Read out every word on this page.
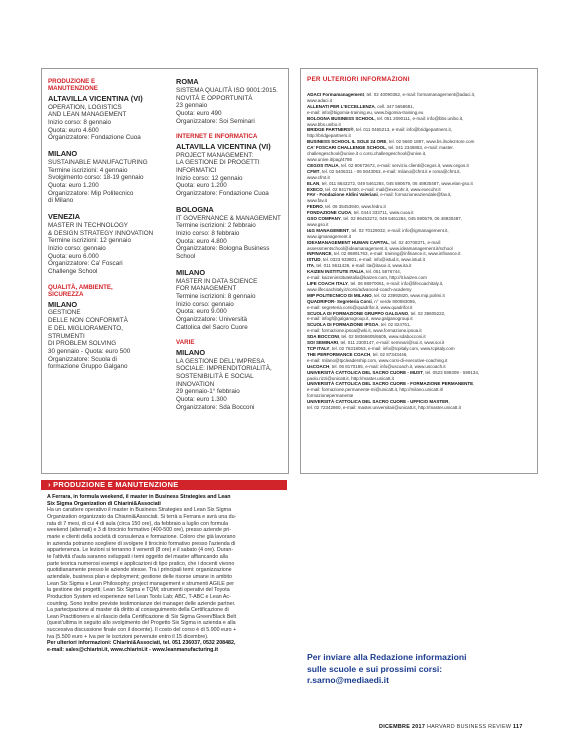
PRODUZIONE E MANUTENZIONE
ALTAVILLA VICENTINA (VI)
OPERATION, LOGISTICS
AND LEAN MANAGEMENT
Inizio corso: 8 gennaio
Quota: euro 4.600
Organizzatore: Fondazione Cuoa
MILANO
SUSTAINABLE MANUFACTURING
Termine iscrizioni: 4 gennaio
Svolgimento corso: 18-19 gennaio
Quota: euro 1.200
Organizzatore: Mip Politecnico
di Milano
VENEZIA
MASTER IN TECHNOLOGY
& DESIGN STRATEGY INNOVATION
Termine iscrizioni: 12 gennaio
Inizio corso: gennaio
Quota: euro 6.000
Organizzatore: Ca' Foscari
Challenge School
QUALITÀ, AMBIENTE, SICUREZZA
MILANO
GESTIONE
DELLE NON CONFORMITÀ
E DEL MIGLIORAMENTO,
STRUMENTI
DI PROBLEM SOLVING
30 gennaio - Quota: euro 500
Organizzatore: Scuola di
formazione Gruppo Galgano
ROMA
SISTEMA QUALITÀ ISO 9001:2015.
NOVITÀ E OPPORTUNITÀ
23 gennaio
Quota: euro 490
Organizzatore: Soi Seminari
INTERNET E INFORMATICA
ALTAVILLA VICENTINA (VI)
PROJECT MANAGEMENT:
LA GESTIONE DI PROGETTI
INFORMATICI
Inizio corso: 12 gennaio
Quota: euro 1.200
Organizzatore: Fondazione Cuoa
BOLOGNA
IT GOVERNANCE & MANAGEMENT
Termine iscrizioni: 2 febbraio
Inizio corso: 8 febbraio
Quota: euro 4.800
Organizzatore: Bologna Business
School
MILANO
MASTER IN DATA SCIENCE
FOR MANAGEMENT
Termine iscrizioni: 8 gennaio
Inizio corso: gennaio
Quota: euro 9.000
Organizzatore: Università
Cattolica del Sacro Cuore
VARIE
MILANO
LA GESTIONE DELL'IMPRESA
SOCIALE: IMPRENDITORIALITÀ,
SOSTENIBILITÀ E SOCIAL
INNOVATION
29 gennaio-1° febbraio
Quota: euro 1.300
Organizzatore: Sda Bocconi
PER ULTERIORI INFORMAZIONI
ADACI Formamanagement, tel. 02 40090362, e-mail: formamanagement@adaci.it,
www.adaci.it
ALLENATI PER L'ECCELLENZA, cell. 347 5658681,
e-mail: info@bigomia-training.eu, www.bigomia-training.eu
BOLOGNA BUSINESS SCHOOL, tel. 051 2090111, e-mail: info@bbs.unibo.it,
www.bbs.unibo.it
BRIDGE PARTNERS®, tel. 011 0465213, e-mail: info@bridgepartners.it,
http://bridgepartners.it
BUSINESS SCHOOL IL SOLE 24 ORE, tel. 02 5660 1887, www.bs.ilsole24ore.com
CA' FOSCARI CHALLENGE SCHOOL, tel. 041 2346853, e-mail: master.
challengeschool@unive.it o corsi.challengeschool@unive.it,
www.unive.it/pag/4786
CEGOS ITALIA, tel. 02 80672672, e-mail: servizio.clienti@cegos.it, www.cegos.it
CFMT, tel. 02 5406311 - 06 5043053, e-mail: milano@cfmt.it e roma@cfmt.it,
www.cfmt.it
ELAN, tel. 011 8643272, 049 5461284, 045 590679, 06 48930487, www.elan-gso.it
EXECO, tel. 02 84176400, e-mail: mail@execohr.it, www.execohr.it
FAV - Fondazione Aldini Valeriani, e-mail: formazioneaziendale@fav.it,
www.fav.it
FEDRO, tel. 06 35453940, www.fedro.it
FONDAZIONE CUOA, tel. 0444 333711, www.cuoa.it
GSO COMPANY, tel. 02 86453272, 049 5461284, 045 590679, 06 48930487,
www.gso.it
I&G MANAGEMENT, tel. 02 70129032, e-mail: info@igmanagement.it,
www.igmanagement.it
IDEAMANAGEMENT HUMAN CAPITAL, tel. 02 40708371, e-mail:
assessmentschool@ideamanagement.it, www.ideamanagement.it/school
INFINANCE, tel. 02 86891763, e-mail: training@infinance.it, www.infinance.it
ISTUD, tel. 0323 933801, e-mail: info@istud.it, www.istud.it
ITA, tel. 011 5611426, e-mail: ita@itasoi.it, www.ita.it
KAIZEN INSTITUTE ITALIA, tel. 051 5876744,
e-mail: kaizeninstituteitalia@kaizen.com, http://it.kaizen.com
LIFE COACH ITALY, tel. 06 88970061, e-mail: info@lifecoachitaly.it,
www.lifecoachitaly.it/corsi/advanced-coach-academy
MIP POLITECNICO DI MILANO, tel. 02 23992820, www.mip.polimi.it
QUADRIFOR- Segreteria Corsi, n° verde 800983055,
e-mail: segreteria.corsi@quadrifor.it, www.quadrifor.it
SCUOLA DI FORMAZIONE GRUPPO GALGANO, tel. 02 39605222,
e-mail: infogf@galganogroup.it, www.galganogroup.it
SCUOLA DI FORMAZIONE IPSOA, tel. 02 824761,
e-mail: formazione.ipsoa@wki.it, www.formazione.ipsoa.it
SDA BOCCONI, tel. 02 58366605/6605, www.sdabocconi.it
SOI SEMINARI, tel. 011 2300147, e-mail: seminari@soi.it, www.soi.it
TCP ITALY, tel. 02 76318063, e-mail: info@tcpitaly.com, www.tcpitaly.com
THE PERFORMANCE COACH, tel. 02 87343446,
e-mail: milano@tpcleadership.com, www.corsi-di-executive-coaching.it
UsCOACH, tel. 06 8170185, e-mail: info@uscoach.it, www.uscoach.it
UNIVERSITÀ CATTOLICA DEL SACRO CUORE - MUST, tel. 0523 599309 - 599134,
paolo.rizzi@unicatt.it, http://master.unicatt.it
UNIVERSITÀ CATTOLICA DEL SACRO CUORE - FORMAZIONE PERMANENTE,
e-mail: formazione.permanente-mi@unicatt.it, http://milano.unicatt.it/
formazionepermanente
UNIVERSITÀ CATTOLICA DEL SACRO CUORE - UFFICIO MASTER,
tel. 02 72342860, e-mail: master.universitari@unicatt.it, http://master.unicatt.it
› PRODUZIONE E MANUTENZIONE
A Ferrara, in formula weekend, il master in Business Strategies and Lean
Six Sigma Organization di Chiarini&Associati
Ha un carattere operativo il master in Business Strategies and Lean Six Sigma
Organization organizzato da Chiarini&Associati. Si terrà a Ferrara e avrà una du-
rata di 7 mesi, di cui 4 di aula (circa 150 ore), da febbraio a luglio con formula
weekend (alternati) e 3 di tirocinio formativo (400-500 ore), presso aziende pri-
marie e clienti della società di consulenza e formazione. Coloro che già lavorano
in azienda potranno scegliere di svolgere il tirocinio formativo presso l'azienda di
appartenenza. Le lezioni si terranno il venerdì (8 ore) e il sabato (4 ore). Duran-
te l'attività d'aula saranno sviluppati i temi oggetto del master affiancando alla
parte teorica numerosi esempi e applicazioni di tipo pratico, che i docenti vivono
quotidianamente presso le aziende stesse. Tra i principali temi: organizzazione
aziendale, business plan e deployment; gestione delle risorse umane in ambito
Lean Six Sigma e Lean Philosophy; project management e strumenti AGILE per
la gestione dei progetti; Lean Six Sigma e TQM; strumenti operativi del Toyota
Production System ed esperienze nel Lean Tools Lab; ABC, T-ABC e Lean Ac-
counting. Sono inoltre previste testimonianze dei manager delle aziende partner.
La partecipazione al master dà diritto al conseguimento della Certificazione di
Lean Practitioners e al rilascio della Certificazione di Six Sigma Green/Black Belt
(quest'ultima in seguito allo svolgimento del Progetto Six Sigma in azienda e alla
successiva discussione finale con il docente). Il costo del corso è di 5.900 euro +
Iva (5.500 euro + Iva per le iscrizioni pervenute entro il 15 dicembre).
Per ulteriori informazioni: Chiarini&Associati, tel. 051 236037, 0532 208482,
e-mail: sales@chiarini.it, www.chiarini.it - www.leanmanufacturing.it
Per inviare alla Redazione informazioni
sulle scuole e sui prossimi corsi:
r.sarno@mediaedi.it
DICEMBRE 2017 HARVARD BUSINESS REVIEW 117
